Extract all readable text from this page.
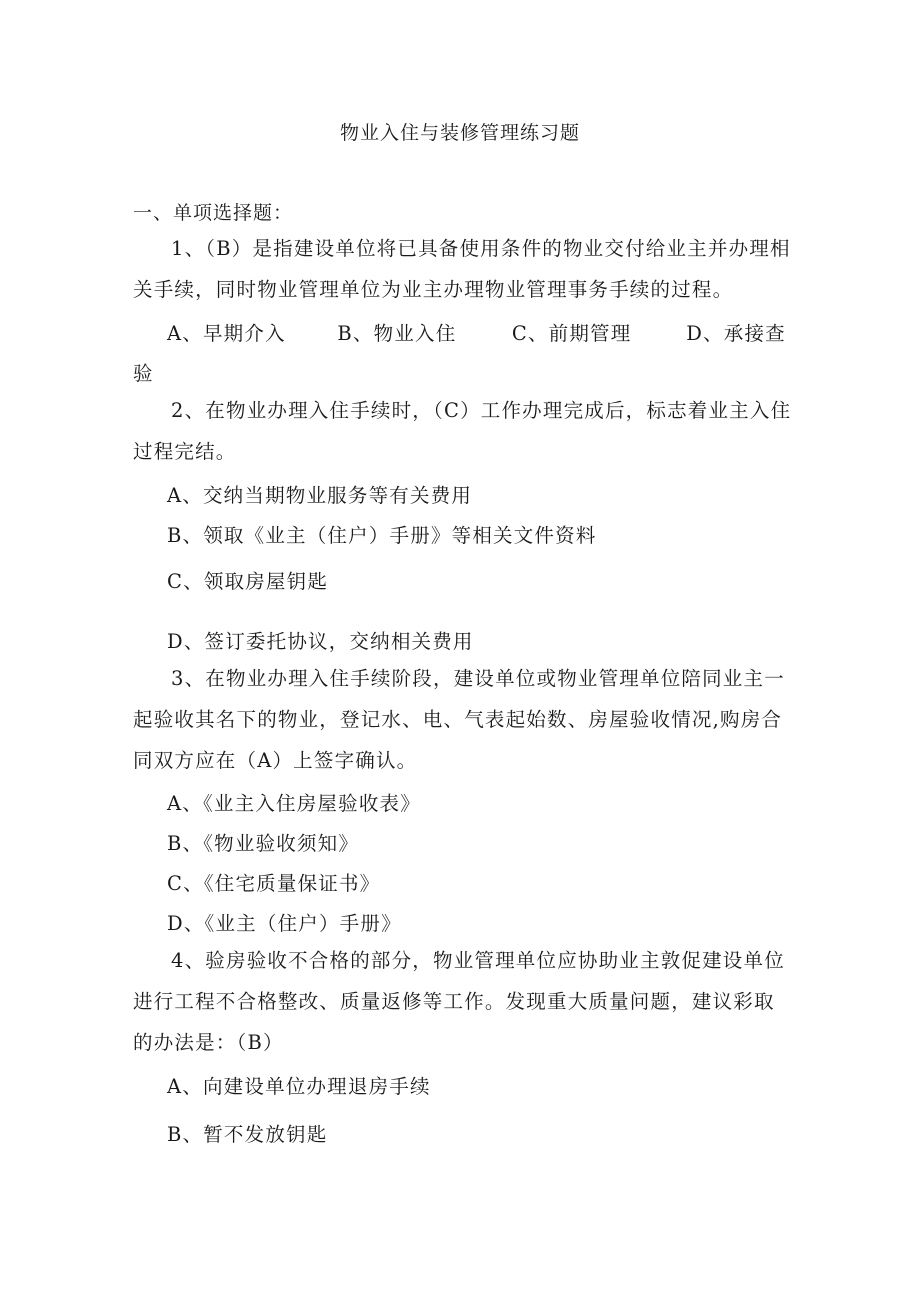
物业入住与装修管理练习题
一、单项选择题：
1、（B）是指建设单位将已具备使用条件的物业交付给业主并办理相关手续，同时物业管理单位为业主办理物业管理事务手续的过程。
A、早期介入	B、物业入住	C、前期管理	D、承接查
验
2、在物业办理入住手续时，（C）工作办理完成后，标志着业主入住过程完结。
A、交纳当期物业服务等有关费用
B、领取《业主（住户）手册》等相关文件资料
C、领取房屋钥匙
D、签订委托协议，交纳相关费用
3、在物业办理入住手续阶段，建设单位或物业管理单位陪同业主一起验收其名下的物业，登记水、电、气表起始数、房屋验收情况,购房合同双方应在（A）上签字确认。
A、《业主入住房屋验收表》
B、《物业验收须知》
C、《住宅质量保证书》
D、《业主（住户）手册》
4、验房验收不合格的部分，物业管理单位应协助业主敦促建设单位进行工程不合格整改、质量返修等工作。发现重大质量问题，建议彩取的办法是：（B）
A、向建设单位办理退房手续
B、暂不发放钥匙
